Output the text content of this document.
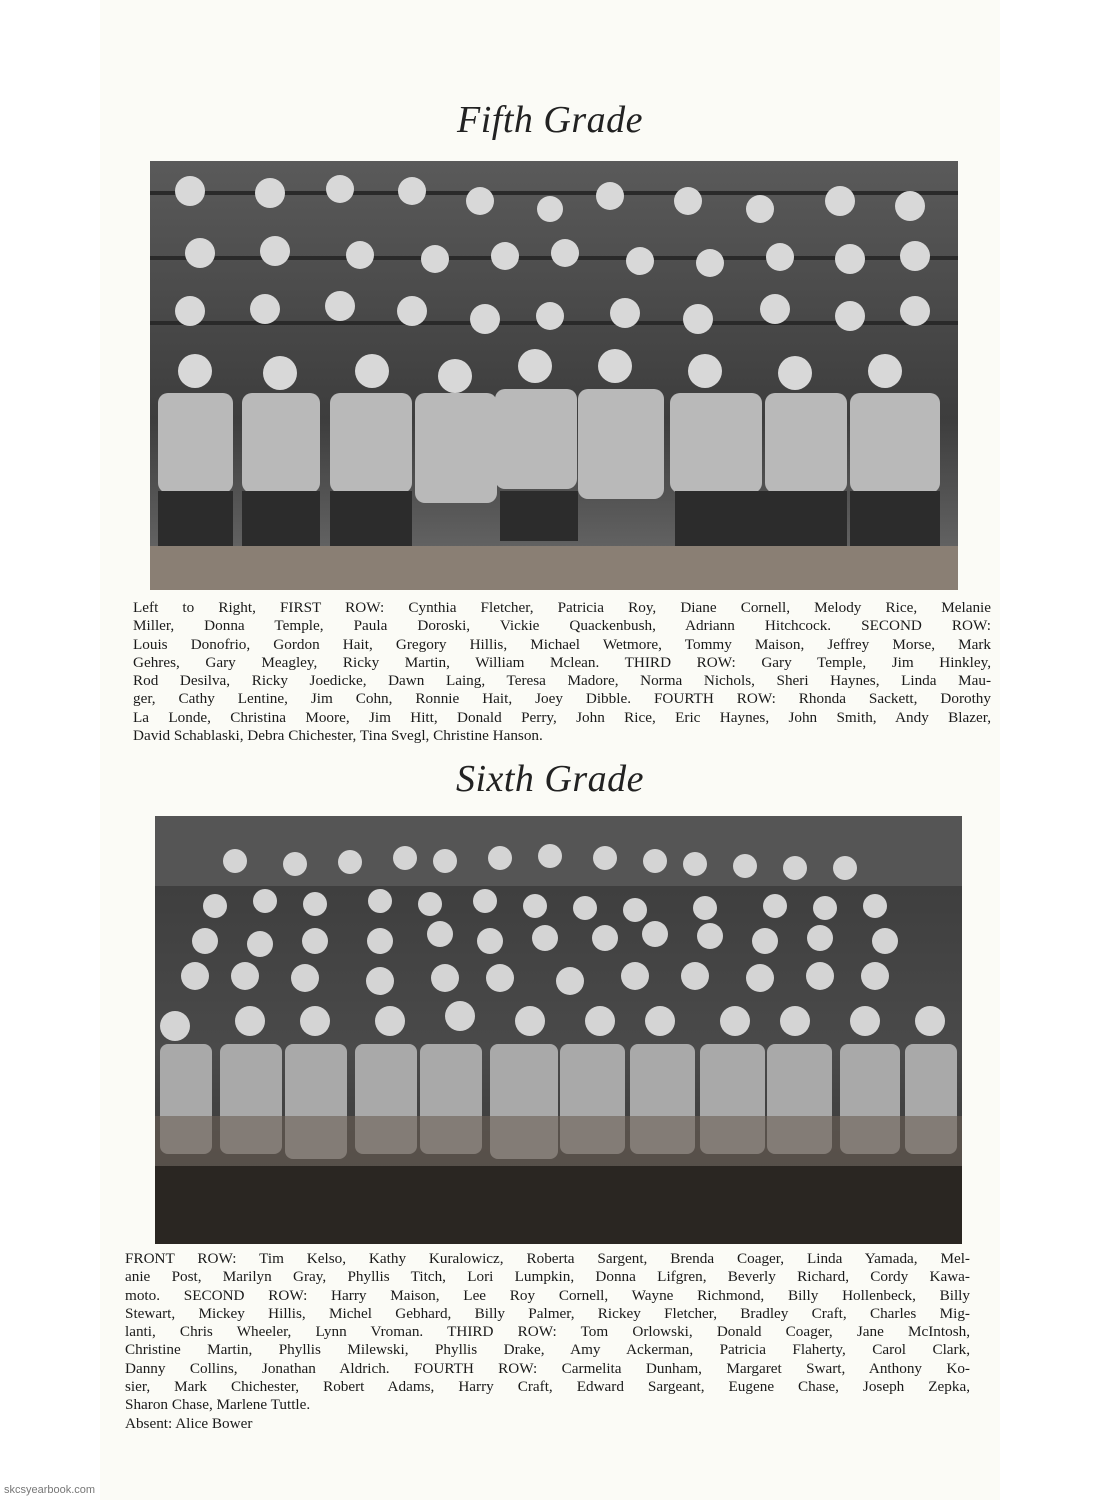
Fifth Grade
Left to Right, FIRST ROW: Cynthia Fletcher, Patricia Roy, Diane Cornell, Melody Rice, Melanie
Miller, Donna Temple, Paula Doroski, Vickie Quackenbush, Adriann Hitchcock. SECOND ROW:
Louis Donofrio, Gordon Hait, Gregory Hillis, Michael Wetmore, Tommy Maison, Jeffrey Morse, Mark
Gehres, Gary Meagley, Ricky Martin, William Mclean. THIRD ROW: Gary Temple, Jim Hinkley,
Rod Desilva, Ricky Joedicke, Dawn Laing, Teresa Madore, Norma Nichols, Sheri Haynes, Linda Mau-
ger, Cathy Lentine, Jim Cohn, Ronnie Hait, Joey Dibble. FOURTH ROW: Rhonda Sackett, Dorothy
La Londe, Christina Moore, Jim Hitt, Donald Perry, John Rice, Eric Haynes, John Smith, Andy Blazer,
David Schablaski, Debra Chichester, Tina Svegl, Christine Hanson.
Sixth Grade
FRONT ROW: Tim Kelso, Kathy Kuralowicz, Roberta Sargent, Brenda Coager, Linda Yamada, Mel-
anie Post, Marilyn Gray, Phyllis Titch, Lori Lumpkin, Donna Lifgren, Beverly Richard, Cordy Kawa-
moto. SECOND ROW: Harry Maison, Lee Roy Cornell, Wayne Richmond, Billy Hollenbeck, Billy
Stewart, Mickey Hillis, Michel Gebhard, Billy Palmer, Rickey Fletcher, Bradley Craft, Charles Mig-
lanti, Chris Wheeler, Lynn Vroman. THIRD ROW: Tom Orlowski, Donald Coager, Jane McIntosh,
Christine Martin, Phyllis Milewski, Phyllis Drake, Amy Ackerman, Patricia Flaherty, Carol Clark,
Danny Collins, Jonathan Aldrich. FOURTH ROW: Carmelita Dunham, Margaret Swart, Anthony Ko-
sier, Mark Chichester, Robert Adams, Harry Craft, Edward Sargeant, Eugene Chase, Joseph Zepka,
Sharon Chase, Marlene Tuttle.
Absent: Alice Bower
skcsyearbook.com
